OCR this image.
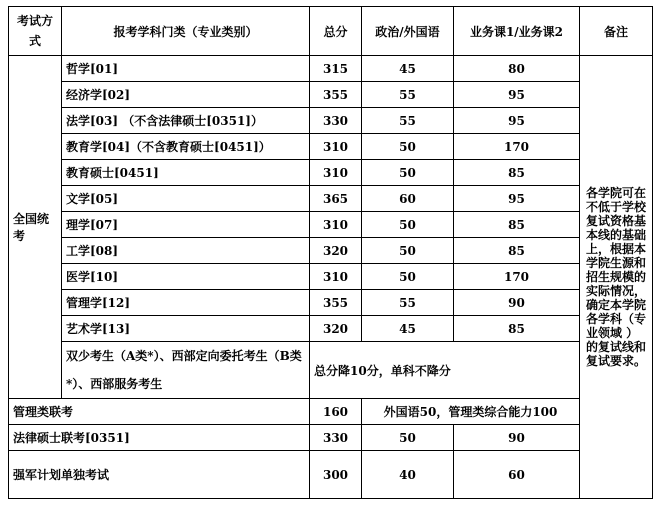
考试方式	报考学科门类（专业类别）	总分	政治/外国语	业务课1/业务课2	备注
全国统考	哲学[01]	315	45	80	各学院可在不低于学校复试资格基本线的基础上，根据本学院生源和招生规模的实际情况，确定本学院各学科（专业领域 ）的复试线和复试要求。
	经济学[02]	355	55	95	
	法学[03] （不含法律硕士[0351]）	330	55	95	
	教育学[04]（不含教育硕士[0451]）	310	50	170	
	教育硕士[0451]	310	50	85	
	文学[05]	365	60	95	
	理学[07]	310	50	85	
	工学[08]	320	50	85	
	医学[10]	310	50	170	
	管理学[12]	355	55	90	
	艺术学[13]	320	45	85	
	双少考生（A类*）、西部定向委托考生（B类*）、西部服务考生	总分降10分，单科不降分			
管理类联考		160	外国语50，管理类综合能力100		
法律硕士联考[0351]		330	50	90	
强军计划单独考试		300	40	60	
